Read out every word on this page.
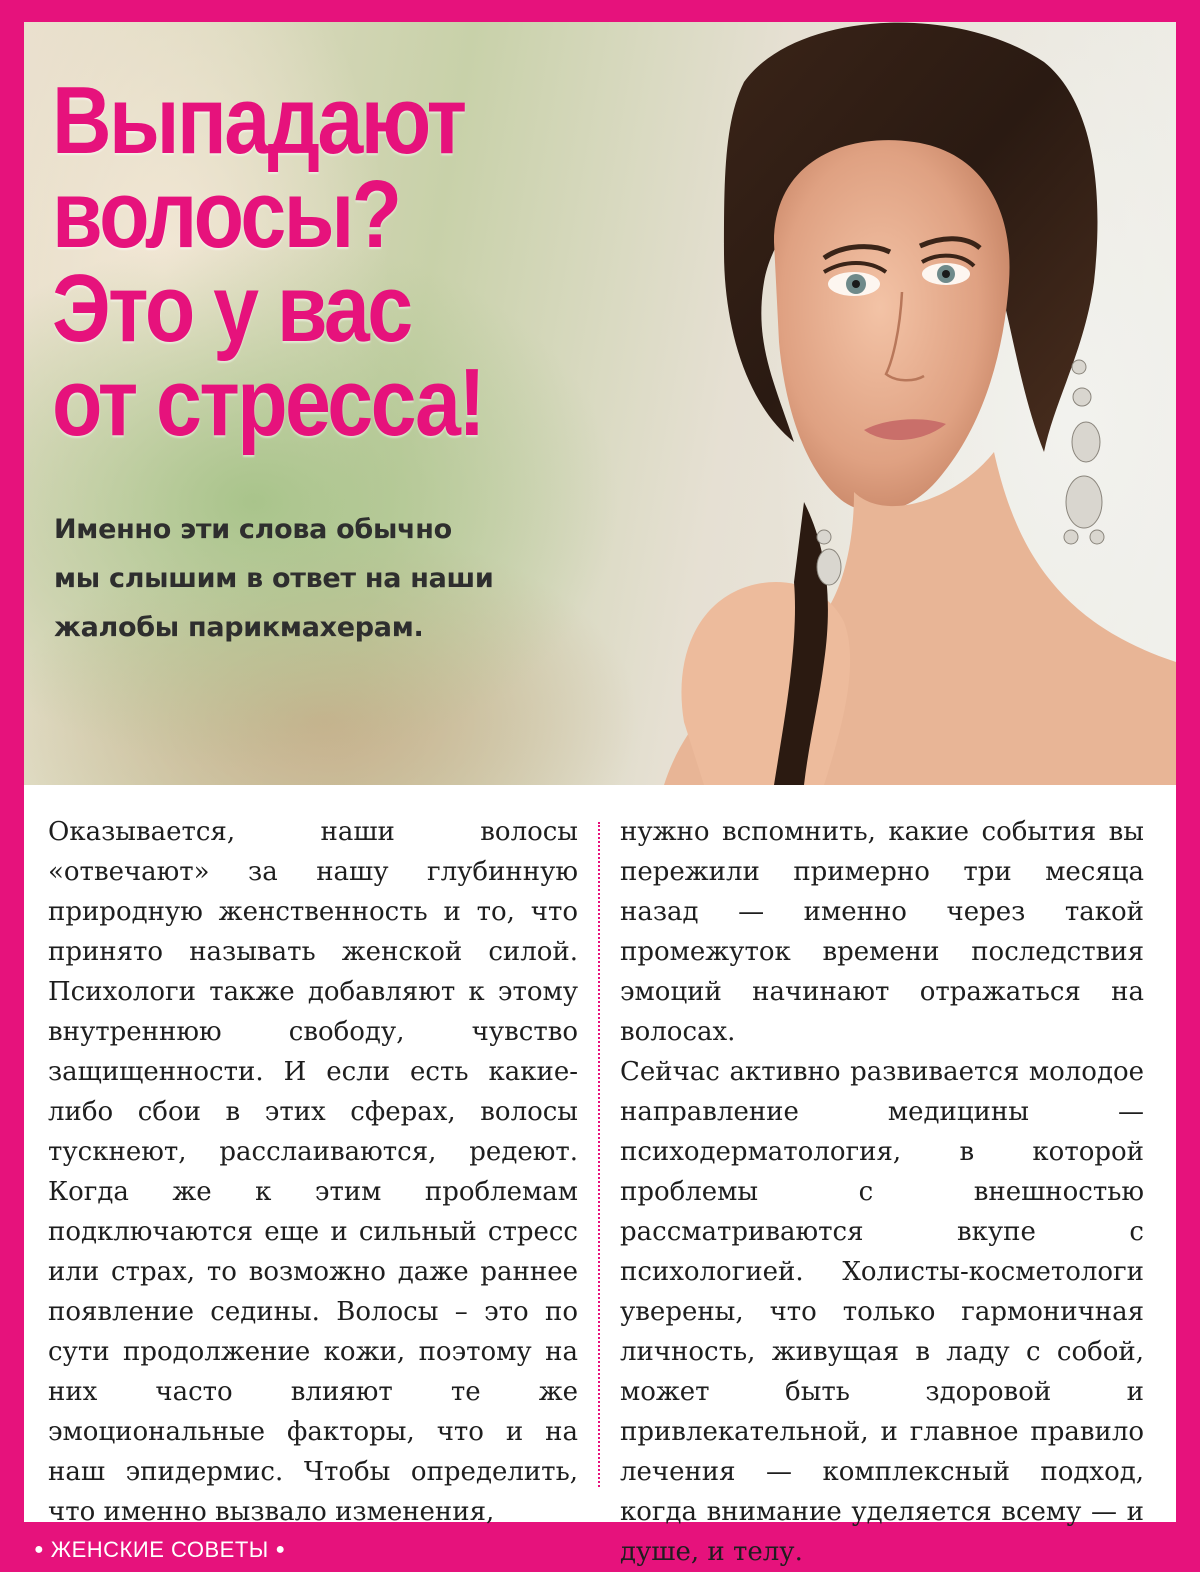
Выпадают
волосы?
Это у вас
от стресса!
Именно эти слова обычно
мы слышим в ответ на наши
жалобы парикмахерам.

Оказывается, наши волосы «отвечают» за нашу глубинную природную женственность и то, что принято называть женской силой. Психологи также добавляют к этому внутреннюю свободу, чувство защищенности. И если есть какие-либо сбои в этих сферах, волосы тускнеют, расслаиваются, редеют. Когда же к этим проблемам подключаются еще и сильный стресс или страх, то возможно даже раннее появление седины. Волосы – это по сути продолжение кожи, поэтому на них часто влияют те же эмоциональные факторы, что и на наш эпидермис. Чтобы определить, что именно вызвало изменения,

нужно вспомнить, какие события вы пережили примерно три месяца назад — именно через такой промежуток времени последствия эмоций начинают отражаться на волосах.
Сейчас активно развивается молодое направление медицины — психодерматология, в которой проблемы с внешностью рассматриваются вкупе с психологией. Холисты-косметологи уверены, что только гармоничная личность, живущая в ладу с собой, может быть здоровой и привлекательной, и главное правило лечения — комплексный подход, когда внимание уделяется всему — и душе, и телу.
● ЖЕНСКИЕ СОВЕТЫ ●
